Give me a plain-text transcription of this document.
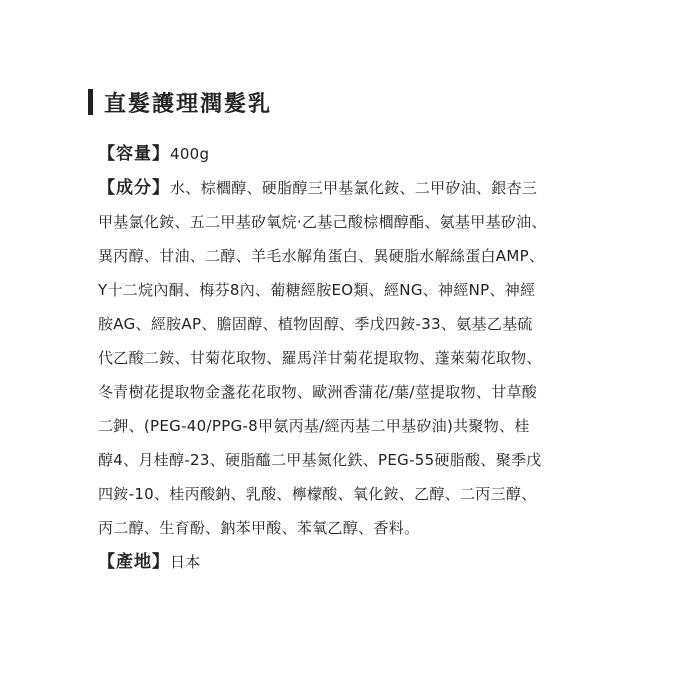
直髮護理潤髮乳
【容量】400g
【成分】水、棕櫚醇、硬脂醇三甲基氯化銨、二甲矽油、銀杏三
甲基氯化銨、五二甲基矽氧烷·乙基己酸棕櫚醇酯、氨基甲基矽油、
異丙醇、甘油、二醇、羊毛水解角蛋白、異硬脂水解絲蛋白AMP、
Y十二烷內酮、梅芬8內、葡糖經胺EO類、經NG、神經NP、神經
胺AG、經胺AP、膽固醇、植物固醇、季戊四銨-33、氨基乙基硫
代乙酸二銨、甘菊花取物、羅馬洋甘菊花提取物、蓬萊菊花取物、
冬青樹花提取物金盞花花取物、歐洲香蒲花/葉/莖提取物、甘草酸
二鉀、(PEG-40/PPG-8甲氨丙基/經丙基二甲基矽油)共聚物、桂
醇4、月桂醇-23、硬脂醯二甲基氮化鉄、PEG-55硬脂酸、聚季戊
四銨-10、桂丙酸鈉、乳酸、檸檬酸、氧化銨、乙醇、二丙三醇、
丙二醇、生育酚、鈉苯甲酸、苯氧乙醇、香料。
【產地】日本
